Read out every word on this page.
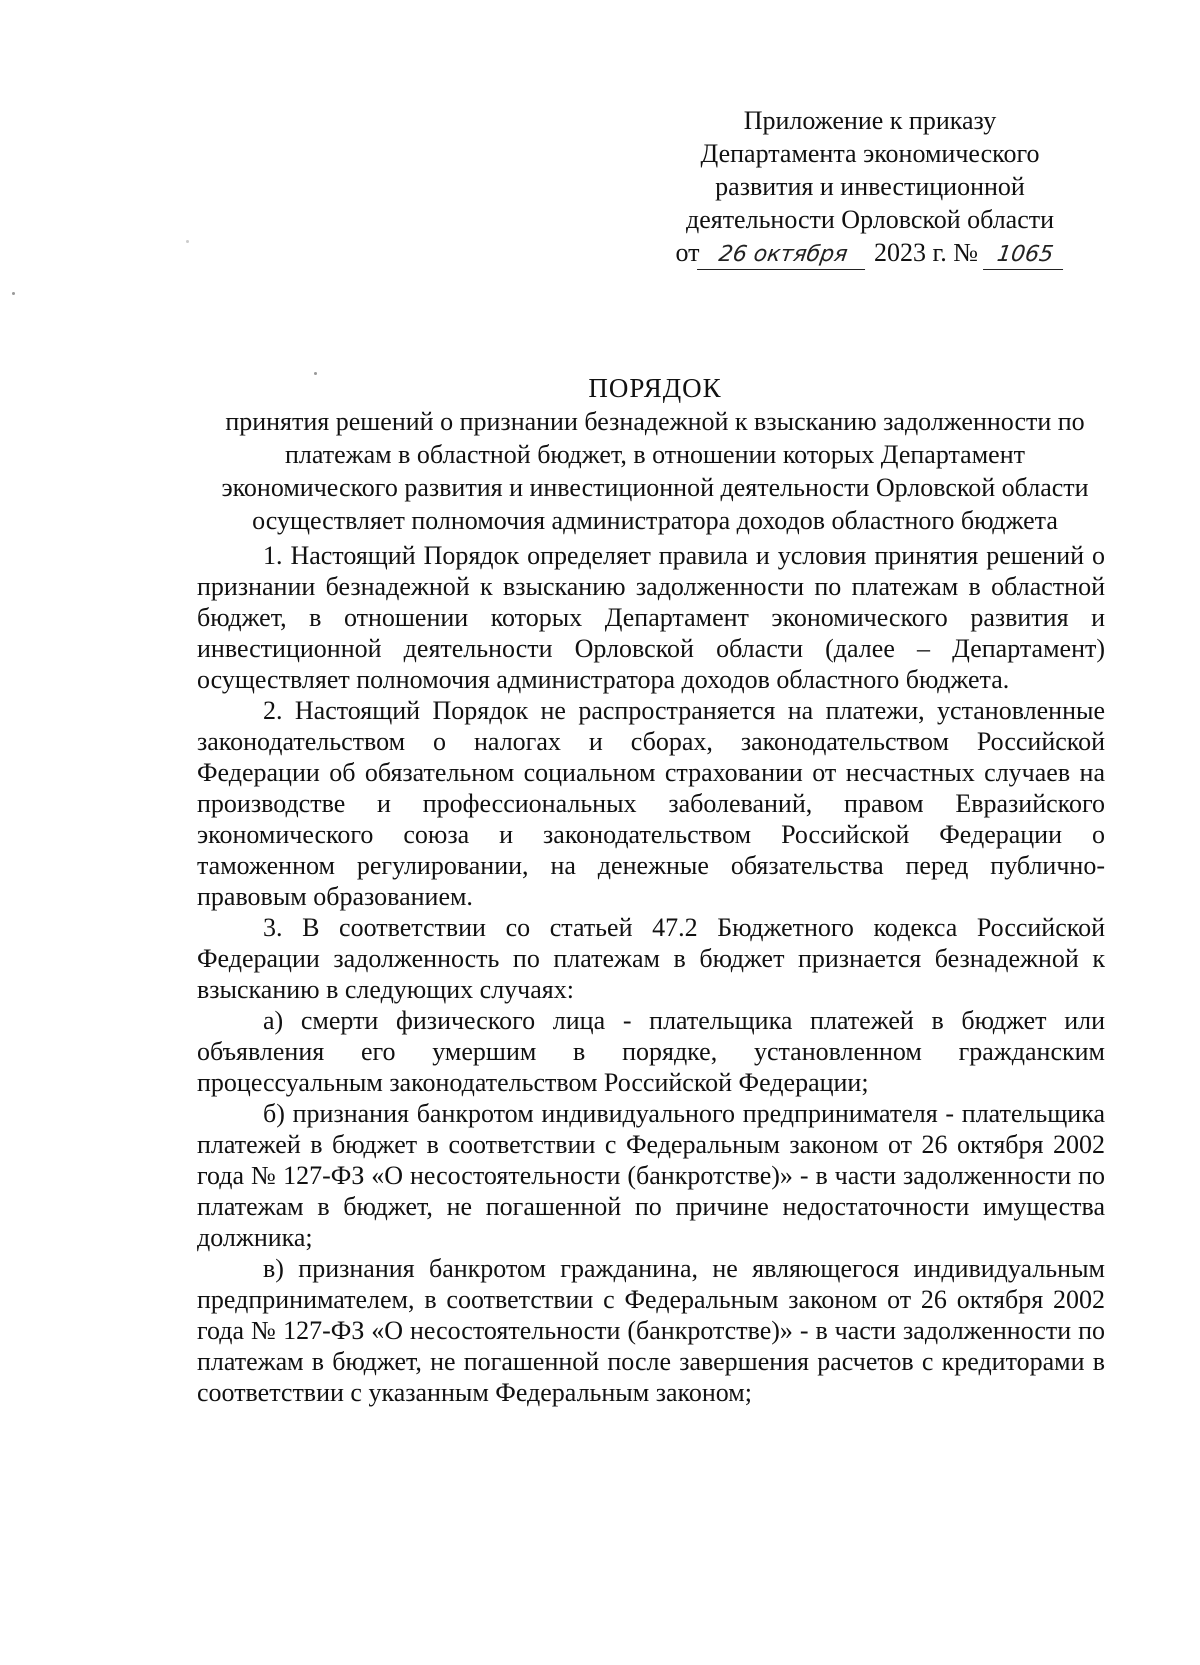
Приложение к приказу
Департамента экономического
развития и инвестиционной
деятельности Орловской области
от 26 октября 2023 г. № 1065
ПОРЯДОК
принятия решений о признании безнадежной к взысканию задолженности по
платежам в областной бюджет, в отношении которых Департамент
экономического развития и инвестиционной деятельности Орловской области
осуществляет полномочия администратора доходов областного бюджета

1. Настоящий Порядок определяет правила и условия принятия решений о признании безнадежной к взысканию задолженности по платежам в областной бюджет, в отношении которых Департамент экономического развития и инвестиционной деятельности Орловской области (далее – Департамент) осуществляет полномочия администратора доходов областного бюджета.

2. Настоящий Порядок не распространяется на платежи, установленные законодательством о налогах и сборах, законодательством Российской Федерации об обязательном социальном страховании от несчастных случаев на производстве и профессиональных заболеваний, правом Евразийского экономического союза и законодательством Российской Федерации о таможенном регулировании, на денежные обязательства перед публично-правовым образованием.

3. В соответствии со статьей 47.2 Бюджетного кодекса Российской Федерации задолженность по платежам в бюджет признается безнадежной к взысканию в следующих случаях:

а) смерти физического лица - плательщика платежей в бюджет или объявления его умершим в порядке, установленном гражданским процессуальным законодательством Российской Федерации;

б) признания банкротом индивидуального предпринимателя - плательщика платежей в бюджет в соответствии с Федеральным законом от 26 октября 2002 года № 127-ФЗ «О несостоятельности (банкротстве)» - в части задолженности по платежам в бюджет, не погашенной по причине недостаточности имущества должника;

в) признания банкротом гражданина, не являющегося индивидуальным предпринимателем, в соответствии с Федеральным законом от 26 октября 2002 года № 127-ФЗ «О несостоятельности (банкротстве)» - в части задолженности по платежам в бюджет, не погашенной после завершения расчетов с кредиторами в соответствии с указанным Федеральным законом;
